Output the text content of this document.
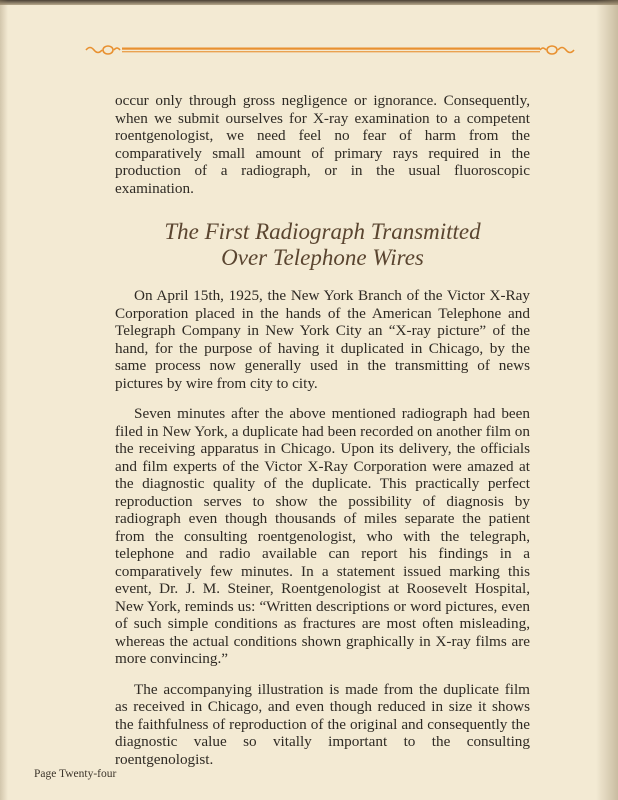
occur only through gross negligence or ignorance. Consequently, when we submit ourselves for X-ray examination to a competent roentgenologist, we need feel no fear of harm from the comparatively small amount of primary rays required in the production of a radiograph, or in the usual fluoroscopic examination.

The First Radiograph Transmitted
Over Telephone Wires

On April 15th, 1925, the New York Branch of the Victor X-Ray Corporation placed in the hands of the American Telephone and Telegraph Company in New York City an “X-ray picture” of the hand, for the purpose of having it duplicated in Chicago, by the same process now generally used in the transmitting of news pictures by wire from city to city.

Seven minutes after the above mentioned radiograph had been filed in New York, a duplicate had been recorded on another film on the receiving apparatus in Chicago. Upon its delivery, the officials and film experts of the Victor X-Ray Corporation were amazed at the diagnostic quality of the duplicate. This practically perfect reproduction serves to show the possibility of diagnosis by radiograph even though thousands of miles separate the patient from the consulting roentgenologist, who with the telegraph, telephone and radio available can report his findings in a comparatively few minutes. In a statement issued marking this event, Dr. J. M. Steiner, Roentgenologist at Roosevelt Hospital, New York, reminds us: “Written descriptions or word pictures, even of such simple conditions as fractures are most often misleading, whereas the actual conditions shown graphically in X-ray films are more convincing.”

The accompanying illustration is made from the duplicate film as received in Chicago, and even though reduced in size it shows the faithfulness of reproduction of the original and consequently the diagnostic value so vitally important to the consulting roentgenologist.

Page Twenty-four
